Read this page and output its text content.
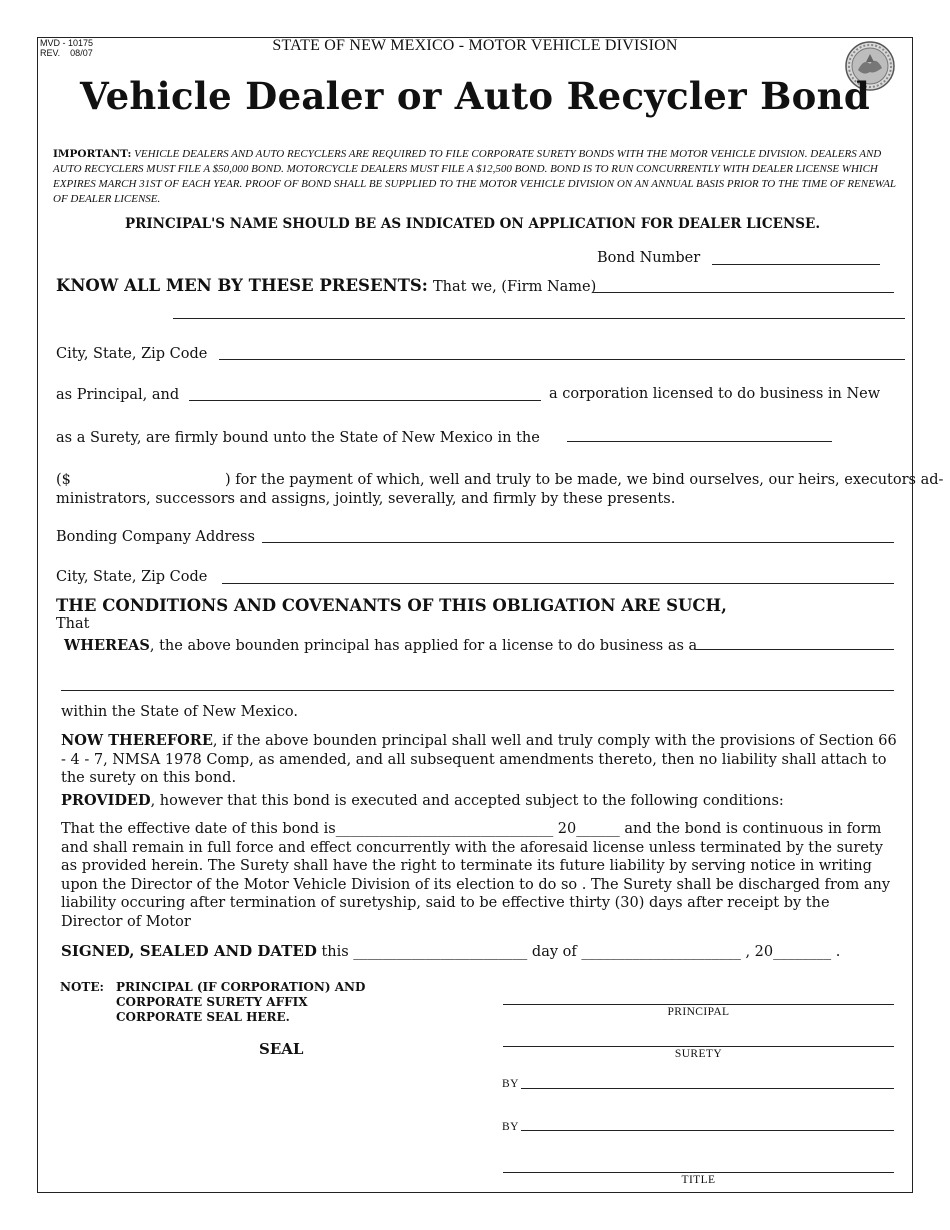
MVD - 10175
REV.    08/07	STATE OF NEW MEXICO - MOTOR VEHICLE DIVISION
Vehicle Dealer or Auto Recycler Bond
IMPORTANT: VEHICLE DEALERS AND AUTO RECYCLERS ARE REQUIRED TO FILE CORPORATE SURETY BONDS WITH THE MOTOR VEHICLE DIVISION. DEALERS AND AUTO RECYCLERS MUST FILE A $50,000 BOND. MOTORCYCLE DEALERS MUST FILE A $12,500 BOND. BOND IS TO RUN CONCURRENTLY WITH DEALER LICENSE WHICH EXPIRES MARCH 31ST OF EACH YEAR. PROOF OF BOND SHALL BE SUPPLIED TO THE MOTOR VEHICLE DIVISION ON AN ANNUAL BASIS PRIOR TO THE TIME OF RENEWAL OF DEALER LICENSE.
PRINCIPAL'S NAME SHOULD BE AS INDICATED ON APPLICATION FOR DEALER LICENSE.
Bond Number
KNOW ALL MEN BY THESE PRESENTS: That we, (Firm Name)
City, State, Zip Code
as Principal, and	a corporation licensed to do business in New
as a Surety, are firmly bound unto the State of New Mexico in the
($	) for the payment of which, well and truly to be made, we bind ourselves, our heirs, executors ad-
ministrators, successors and assigns, jointly, severally, and firmly by these presents.
Bonding Company Address
City, State, Zip Code
THE CONDITIONS AND COVENANTS OF THIS OBLIGATION ARE SUCH,
That
WHEREAS, the above bounden principal has applied for a license to do business as a
within the State of New Mexico.
NOW THEREFORE, if the above bounden principal shall well and truly comply with the provisions of Section 66 - 4 - 7, NMSA 1978 Comp, as amended, and all subsequent amendments thereto, then no liability shall attach to the surety on this bond.
PROVIDED, however that this bond is executed and accepted subject to the following conditions:
That the effective date of this bond is______________________________ 20______ and the bond is continuous in form and shall remain in full force and effect concurrently with the aforesaid license unless terminated by the surety as provided herein. The Surety shall have the right to terminate its future liability by serving notice in writing upon the Director of the Motor Vehicle Division of its election to do so . The Surety shall be discharged from any liability occuring after termination of suretyship, said to be effective thirty (30) days after receipt by the Director of Motor
SIGNED, SEALED AND DATED this ________________________ day of ______________________ , 20________ .
NOTE: PRINCIPAL (IF CORPORATION) AND
CORPORATE SURETY AFFIX
CORPORATE SEAL HERE.
SEAL
PRINCIPAL
SURETY
BY
BY
TITLE
